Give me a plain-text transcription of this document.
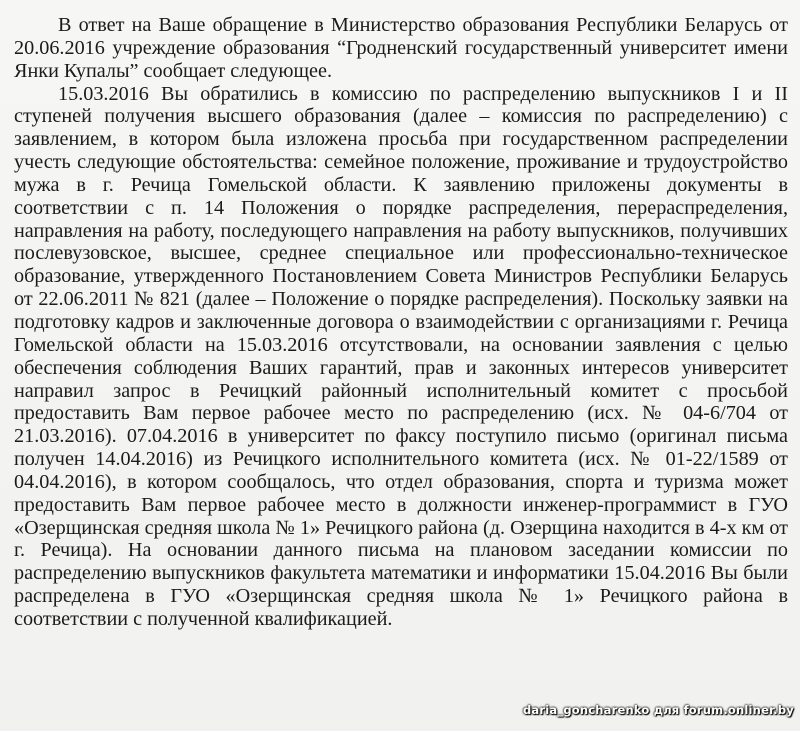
В ответ на Ваше обращение в Министерство образования Республики Беларусь от 20.06.2016 учреждение образования “Гродненский государственный университет имени Янки Купалы” сообщает следующее.

15.03.2016 Вы обратились в комиссию по распределению выпускников I и II ступеней получения высшего образования (далее – комиссия по распределению) с заявлением, в котором была изложена просьба при государственном распределении учесть следующие обстоятельства: семейное положение, проживание и трудоустройство мужа в г. Речица Гомельской области. К заявлению приложены документы в соответствии с п. 14 Положения о порядке распределения, перераспределения, направления на работу, последующего направления на работу выпускников, получивших послевузовское, высшее, среднее специальное или профессионально-техническое образование, утвержденного Постановлением Совета Министров Республики Беларусь от 22.06.2011 № 821 (далее – Положение о порядке распределения). Поскольку заявки на подготовку кадров и заключенные договора о взаимодействии с организациями г. Речица Гомельской области на 15.03.2016 отсутствовали, на основании заявления с целью обеспечения соблюдения Ваших гарантий, прав и законных интересов университет направил запрос в Речицкий районный исполнительный комитет с просьбой предоставить Вам первое рабочее место по распределению (исх. № 04-6/704 от 21.03.2016). 07.04.2016 в университет по факсу поступило письмо (оригинал письма получен 14.04.2016) из Речицкого исполнительного комитета (исх. № 01-22/1589 от 04.04.2016), в котором сообщалось, что отдел образования, спорта и туризма может предоставить Вам первое рабочее место в должности инженер-программист в ГУО «Озерщинская средняя школа № 1» Речицкого района (д. Озерщина находится в 4-х км от г. Речица). На основании данного письма на плановом заседании комиссии по распределению выпускников факультета математики и информатики 15.04.2016 Вы были распределена в ГУО «Озерщинская средняя школа № 1» Речицкого района в соответствии с полученной квалификацией.

daria_goncharenko для forum.onliner.by
